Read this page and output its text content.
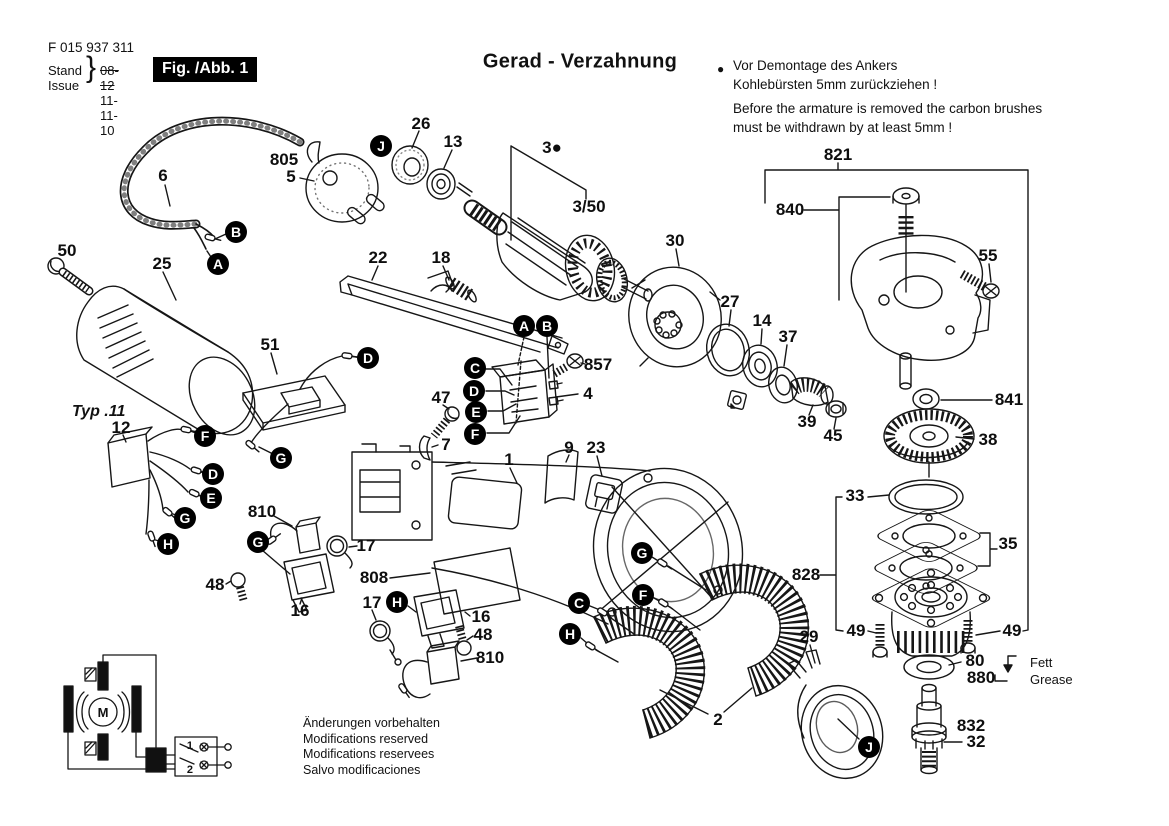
F 015 937 311
Stand
Issue
} 08-12
11-11-10
Fig. /Abb. 1	Gerad - Verzahnung	● Vor Demontage des Ankers
Kohlebürsten 5mm zurückziehen !
Before the armature is removed the carbon brushes
must be withdrawn by at least 5mm !
Änderungen vorbehalten
Modifications reserved
Modifications reservees
Salvo modificaciones
Fett
Grease
Typ .11
M
1
2
26
13	3●
3/50
30
27
14
37
39
45
821
840
55
841
38
33
35
828
49	49
29
80
880
832
32
805
5
6
50
25	22	18
857
4
47
7
51
12
9 23
1
810
17
48
16
808
17
16
48
810
2
J
B
A
A B
C
D
E
F
D
G
F
D
E
G
H	G
H
G
F
C
H
J
